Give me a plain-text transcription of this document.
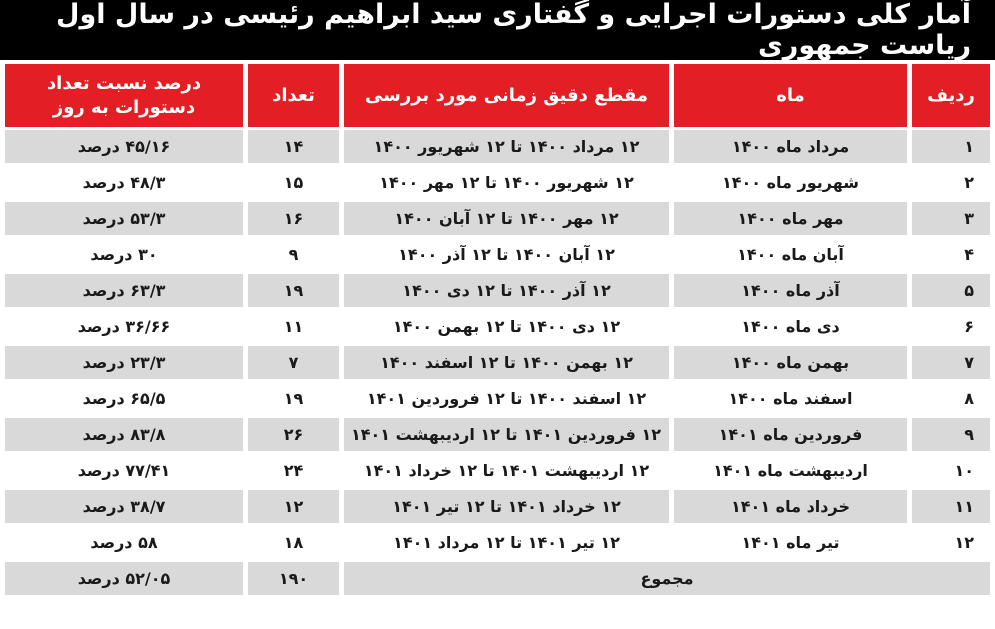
آمار کلی دستورات اجرایی و گفتاری سید ابراهیم رئیسی در سال اول ریاست جمهوری
ردیف	ماه	مقطع دقیق زمانی مورد بررسی	تعداد	درصد نسبت تعداد دستورات به روز
۱	مرداد ماه ۱۴۰۰	۱۲ مرداد ۱۴۰۰ تا ۱۲ شهریور ۱۴۰۰	۱۴	۴۵/۱۶ درصد
۲	شهریور ماه ۱۴۰۰	۱۲ شهریور ۱۴۰۰ تا ۱۲ مهر ۱۴۰۰	۱۵	۴۸/۳ درصد
۳	مهر ماه ۱۴۰۰	۱۲ مهر ۱۴۰۰ تا ۱۲ آبان ۱۴۰۰	۱۶	۵۳/۳ درصد
۴	آبان ماه ۱۴۰۰	۱۲ آبان ۱۴۰۰ تا ۱۲ آذر ۱۴۰۰	۹	۳۰ درصد
۵	آذر ماه ۱۴۰۰	۱۲ آذر ۱۴۰۰ تا ۱۲ دی ۱۴۰۰	۱۹	۶۳/۳ درصد
۶	دی ماه ۱۴۰۰	۱۲ دی ۱۴۰۰ تا ۱۲ بهمن ۱۴۰۰	۱۱	۳۶/۶۶ درصد
۷	بهمن ماه ۱۴۰۰	۱۲ بهمن ۱۴۰۰ تا ۱۲ اسفند ۱۴۰۰	۷	۲۳/۳ درصد
۸	اسفند ماه ۱۴۰۰	۱۲ اسفند ۱۴۰۰ تا ۱۲ فروردین ۱۴۰۱	۱۹	۶۵/۵ درصد
۹	فروردین ماه ۱۴۰۱	۱۲ فروردین ۱۴۰۱ تا ۱۲ اردیبهشت ۱۴۰۱	۲۶	۸۳/۸ درصد
۱۰	اردیبهشت ماه ۱۴۰۱	۱۲ اردیبهشت ۱۴۰۱ تا ۱۲ خرداد ۱۴۰۱	۲۴	۷۷/۴۱ درصد
۱۱	خرداد ماه ۱۴۰۱	۱۲ خرداد ۱۴۰۱ تا ۱۲ تیر ۱۴۰۱	۱۲	۳۸/۷ درصد
۱۲	تیر ماه ۱۴۰۱	۱۲ تیر ۱۴۰۱ تا ۱۲ مرداد ۱۴۰۱	۱۸	۵۸ درصد
مجموع			۱۹۰	۵۲/۰۵ درصد
